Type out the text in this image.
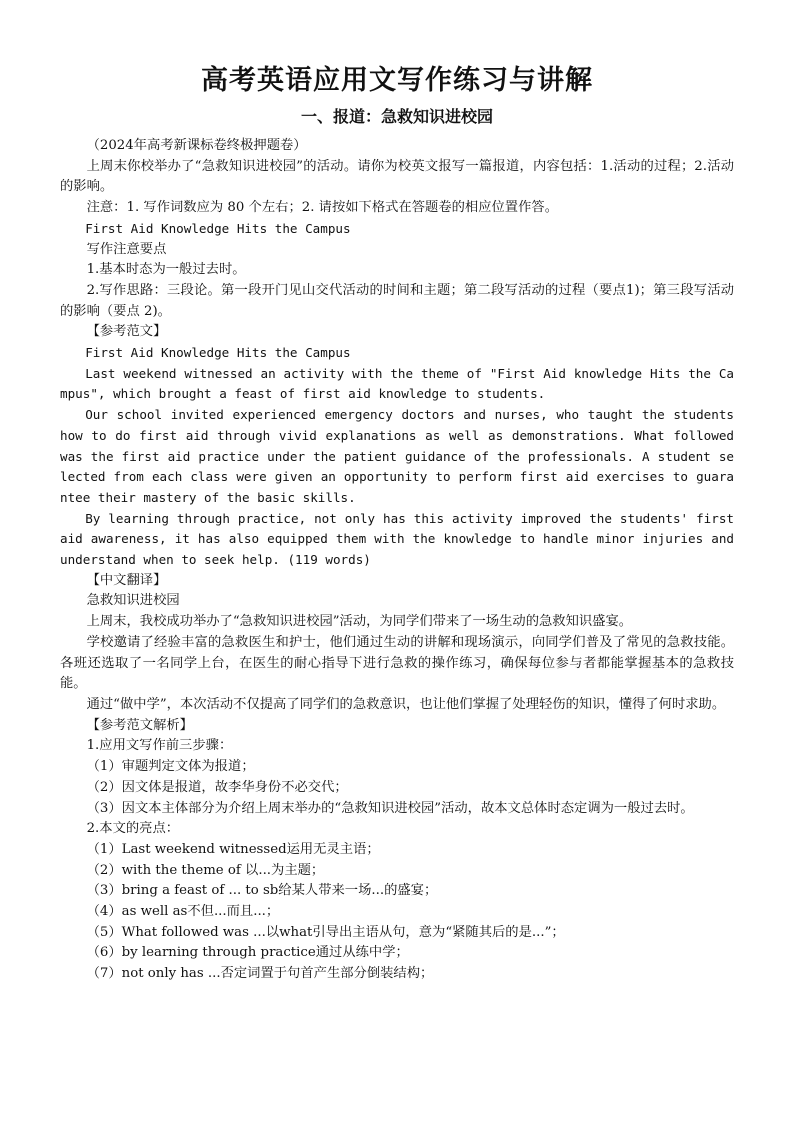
高考英语应用文写作练习与讲解
一、报道：急救知识进校园

（2024年高考新课标卷终极押题卷）

上周末你校举办了“急救知识进校园”的活动。请你为校英文报写一篇报道，内容包括：1.活动的过程；2.活动的影响。

注意：1. 写作词数应为 80 个左右；2. 请按如下格式在答题卷的相应位置作答。

First Aid Knowledge Hits the Campus

写作注意要点

1.基本时态为一般过去时。

2.写作思路：三段论。第一段开门见山交代活动的时间和主题；第二段写活动的过程（要点1)；第三段写活动的影响（要点 2)。

【参考范文】

First Aid Knowledge Hits the Campus

Last weekend witnessed an activity with the theme of "First Aid knowledge Hits the Campus", which brought a feast of first aid knowledge to students.

Our school invited experienced emergency doctors and nurses, who taught the students how to do first aid through vivid explanations as well as demonstrations. What followed was the first aid practice under the patient guidance of the professionals. A student selected from each class were given an opportunity to perform first aid exercises to guarantee their mastery of the basic skills.

By learning through practice, not only has this activity improved the students' first aid awareness, it has also equipped them with the knowledge to handle minor injuries and understand when to seek help. (119 words)

【中文翻译】

急救知识进校园

上周末，我校成功举办了“急救知识进校园”活动，为同学们带来了一场生动的急救知识盛宴。

学校邀请了经验丰富的急救医生和护士，他们通过生动的讲解和现场演示，向同学们普及了常见的急救技能。各班还选取了一名同学上台，在医生的耐心指导下进行急救的操作练习，确保每位参与者都能掌握基本的急救技能。

通过“做中学”，本次活动不仅提高了同学们的急救意识，也让他们掌握了处理轻伤的知识，懂得了何时求助。

【参考范文解析】

1.应用文写作前三步骤：

（1）审题判定文体为报道；

（2）因文体是报道，故李华身份不必交代；

（3）因文本主体部分为介绍上周末举办的“急救知识进校园”活动，故本文总体时态定调为一般过去时。

2.本文的亮点：

（1）Last weekend witnessed运用无灵主语；

（2）with the theme of 以...为主题；

（3）bring a feast of ... to sb给某人带来一场...的盛宴；

（4）as well as不但...而且...；

（5）What followed was ...以what引导出主语从句，意为“紧随其后的是...”；

（6）by learning through practice通过从练中学；

（7）not only has ...否定词置于句首产生部分倒装结构；
